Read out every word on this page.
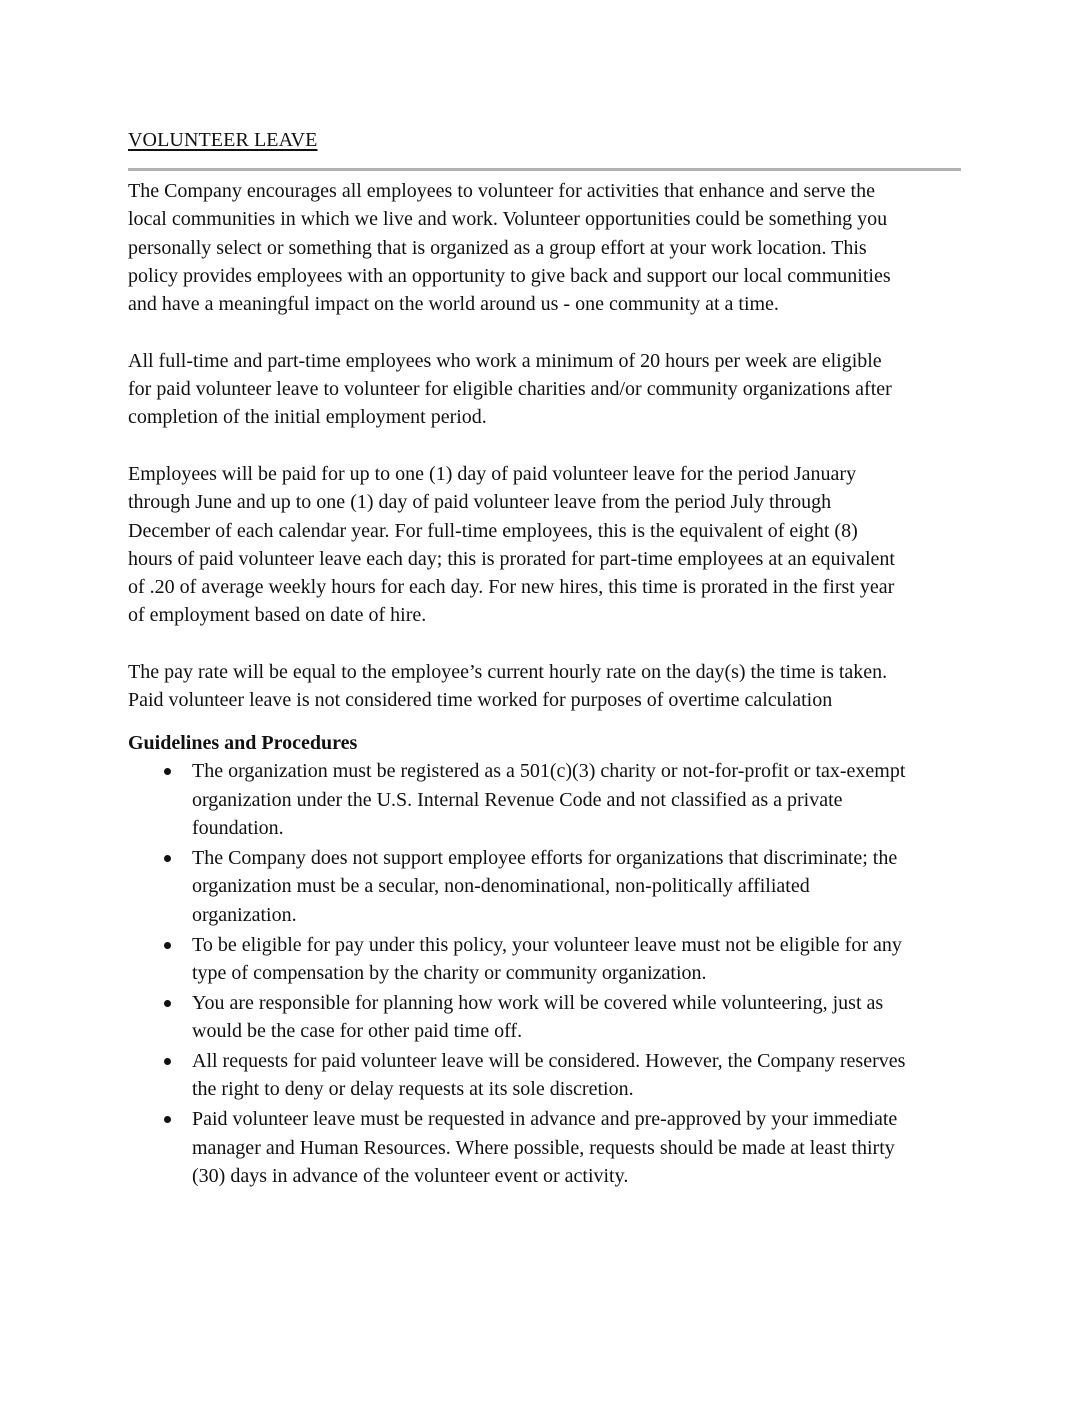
VOLUNTEER LEAVE
The Company encourages all employees to volunteer for activities that enhance and serve the
local communities in which we live and work. Volunteer opportunities could be something you
personally select or something that is organized as a group effort at your work location. This
policy provides employees with an opportunity to give back and support our local communities
and have a meaningful impact on the world around us - one community at a time.
All full-time and part-time employees who work a minimum of 20 hours per week are eligible
for paid volunteer leave to volunteer for eligible charities and/or community organizations after
completion of the initial employment period.
Employees will be paid for up to one (1) day of paid volunteer leave for the period January
through June and up to one (1) day of paid volunteer leave from the period July through
December of each calendar year. For full-time employees, this is the equivalent of eight (8)
hours of paid volunteer leave each day; this is prorated for part-time employees at an equivalent
of .20 of average weekly hours for each day. For new hires, this time is prorated in the first year
of employment based on date of hire.
The pay rate will be equal to the employee’s current hourly rate on the day(s) the time is taken.
Paid volunteer leave is not considered time worked for purposes of overtime calculation
Guidelines and Procedures
The organization must be registered as a 501(c)(3) charity or not-for-profit or tax-exempt
organization under the U.S. Internal Revenue Code and not classified as a private
foundation.
The Company does not support employee efforts for organizations that discriminate; the
organization must be a secular, non-denominational, non-politically affiliated
organization.
To be eligible for pay under this policy, your volunteer leave must not be eligible for any
type of compensation by the charity or community organization.
You are responsible for planning how work will be covered while volunteering, just as
would be the case for other paid time off.
All requests for paid volunteer leave will be considered. However, the Company reserves
the right to deny or delay requests at its sole discretion.
Paid volunteer leave must be requested in advance and pre-approved by your immediate
manager and Human Resources. Where possible, requests should be made at least thirty
(30) days in advance of the volunteer event or activity.
